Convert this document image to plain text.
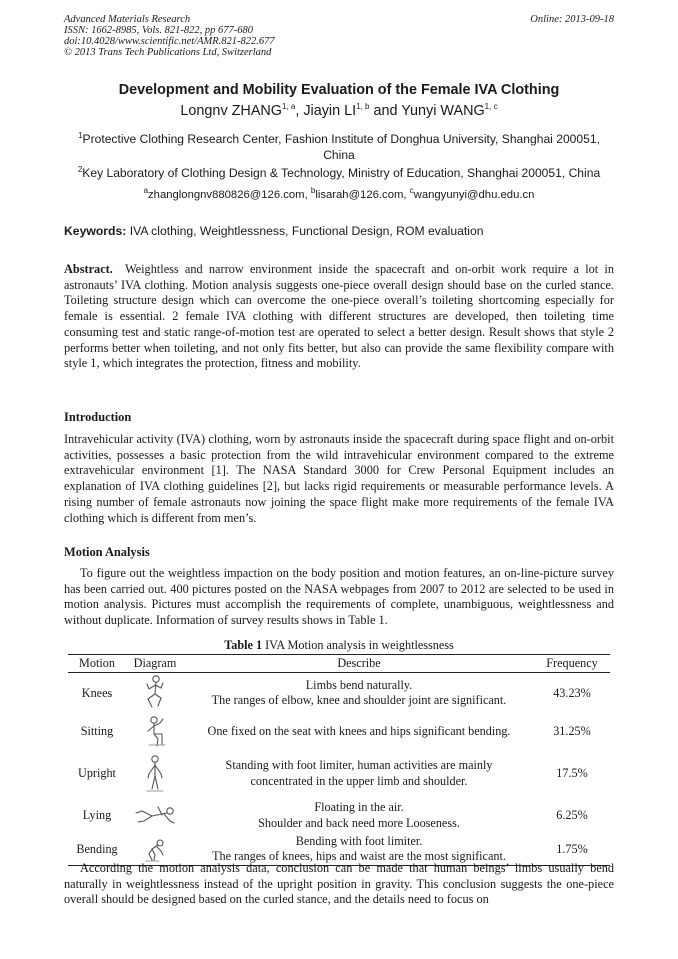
Advanced Materials Research
ISSN: 1662-8985, Vols. 821-822, pp 677-680
doi:10.4028/www.scientific.net/AMR.821-822.677
© 2013 Trans Tech Publications Ltd, Switzerland
Online: 2013-09-18
Development and Mobility Evaluation of the Female IVA Clothing
Longnv ZHANG$^{1, a}$, Jiayin LI$^{1, b}$ and Yunyi WANG$^{1, c}$
$^1$Protective Clothing Research Center, Fashion Institute of Donghua University, Shanghai 200051, China
$^2$Key Laboratory of Clothing Design & Technology, Ministry of Education, Shanghai 200051, China
$^a$zhanglongnv880826@126.com, $^b$lisarah@126.com, $^c$wangyunyi@dhu.edu.cn
Keywords: IVA clothing, Weightlessness, Functional Design, ROM evaluation
Abstract. Weightless and narrow environment inside the spacecraft and on-orbit work require a lot in astronauts’ IVA clothing. Motion analysis suggests one-piece overall design should base on the curled stance. Toileting structure design which can overcome the one-piece overall’s toileting shortcoming especially for female is essential. 2 female IVA clothing with different structures are developed, then toileting time consuming test and static range-of-motion test are operated to select a better design. Result shows that style 2 performs better when toileting, and not only fits better, but also can provide the same flexibility compare with style 1, which integrates the protection, fitness and mobility.
Introduction
Intravehicular activity (IVA) clothing, worn by astronauts inside the spacecraft during space flight and on-orbit activities, possesses a basic protection from the wild intravehicular environment compared to the extreme extravehicular environment [1]. The NASA Standard 3000 for Crew Personal Equipment includes an explanation of IVA clothing guidelines [2], but lacks rigid requirements or measurable performance levels. A rising number of female astronauts now joining the space flight make more requirements of the female IVA clothing which is different from men’s.
Motion Analysis
To figure out the weightless impaction on the body position and motion features, an on-line-picture survey has been carried out. 400 pictures posted on the NASA webpages from 2007 to 2012 are selected to be used in motion analysis. Pictures must accomplish the requirements of complete, unambiguous, weightlessness and without duplicate. Information of survey results shows in Table 1.
Table 1 IVA Motion analysis in weightlessness
Motion	Diagram	Describe	Frequency
Knees		Limbs bend naturally.
The ranges of elbow, knee and shoulder joint are significant.	43.23%
Sitting		One fixed on the seat with knees and hips significant bending.	31.25%
Upright		Standing with foot limiter, human activities are mainly
concentrated in the upper limb and shoulder.	17.5%
Lying		Floating in the air.
Shoulder and back need more Looseness.	6.25%
Bending		Bending with foot limiter.
The ranges of knees, hips and waist are the most significant.	1.75%
According the motion analysis data, conclusion can be made that human beings’ limbs usually bend naturally in weightlessness instead of the upright position in gravity. This conclusion suggests the one-piece overall should be designed based on the curled stance, and the details need to focus on
